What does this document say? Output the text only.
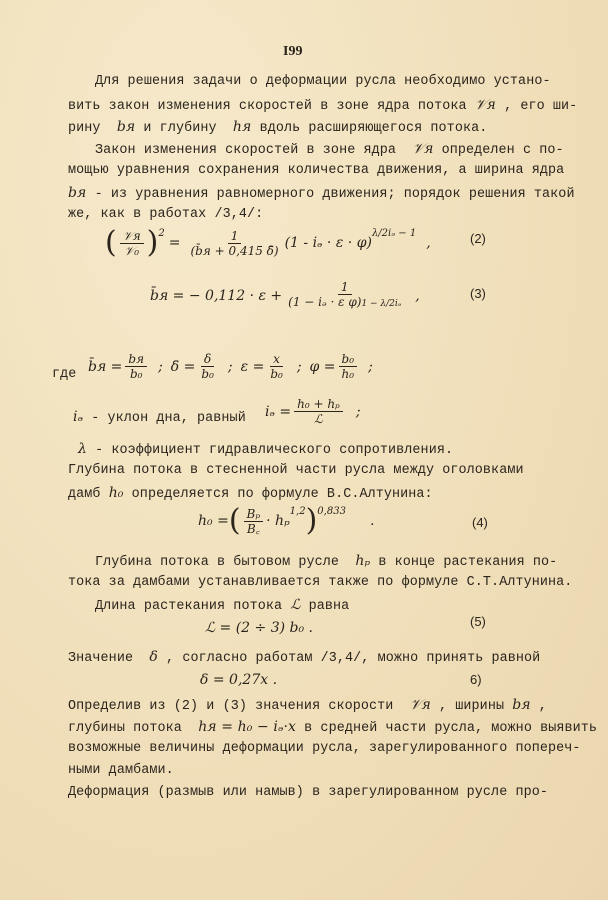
I99
Для решения задачи о деформации русла необходимо устано-
вить закон изменения скоростей в зоне ядра потока 𝒱я , его ши-
рину bя и глубину hя вдоль расширяющегося потока.
Закон изменения скоростей в зоне ядра 𝒱я определен с по-
мощью уравнения сохранения количества движения, а ширина ядра
bя - из уравнения равномерного движения; порядок решения такой
же, как в работах /3,4/:
( $\frac{\text{𝒱я}}{\text{𝒱₀}}$ ) 2
= $\frac{1}{(b̄я + 0,415 \deltā)} (1$ - iₔ · ε · φ)
λ/2iₔ − 1
,	(2)
b̄я = − $0,112 \cdot \varepsilon + \frac{1}{\text{(1 − iₔ · ε φ)1 − λ/2iₔ}}$ ,	(3)
где b̄я = $\frac{bя}{\text{b₀}}$ ; δ̄ = $\frac{\delta}{\text{b₀}}$ ; $\varepsilon = \frac{x}{\text{b₀}}$ ; $\varphi = \frac{\text{b₀}}{\text{h₀}}$ ;
iₔ - уклон дна, равный iₔ = $\frac{\text{h₀ + hₚ}}{\text{ℒ}}$ ;
λ - коэффициент гидравлического сопротивления.
Глубина потока в стесненной части русла между оголовками
дамб h₀ определяется по формуле В.С.Алтунина:
h₀ = ( $\frac{\text{Bₚ}}{B꜀} \cdot h_p$
1,2 ) 0,833
.	(4)
Глубина потока в бытовом русле hₚ в конце растекания по-
тока за дамбами устанавливается также по формуле С.Т.Алтунина.
Длина растекания потока ℒ равна
ℒ = (2 ÷ 3) b₀ .	(5)
Значение δ , согласно работам /3,4/, можно принять равной
δ = 0,27x .	6)
Определив из (2) и (3) значения скорости 𝒱я , ширины bя ,
глубины потока hя = h₀ − iₔ·x в средней части русла, можно выявить
возможные величины деформации русла, зарегулированного попереч-
ными дамбами.
Деформация (размыв или намыв) в зарегулированном русле про-
